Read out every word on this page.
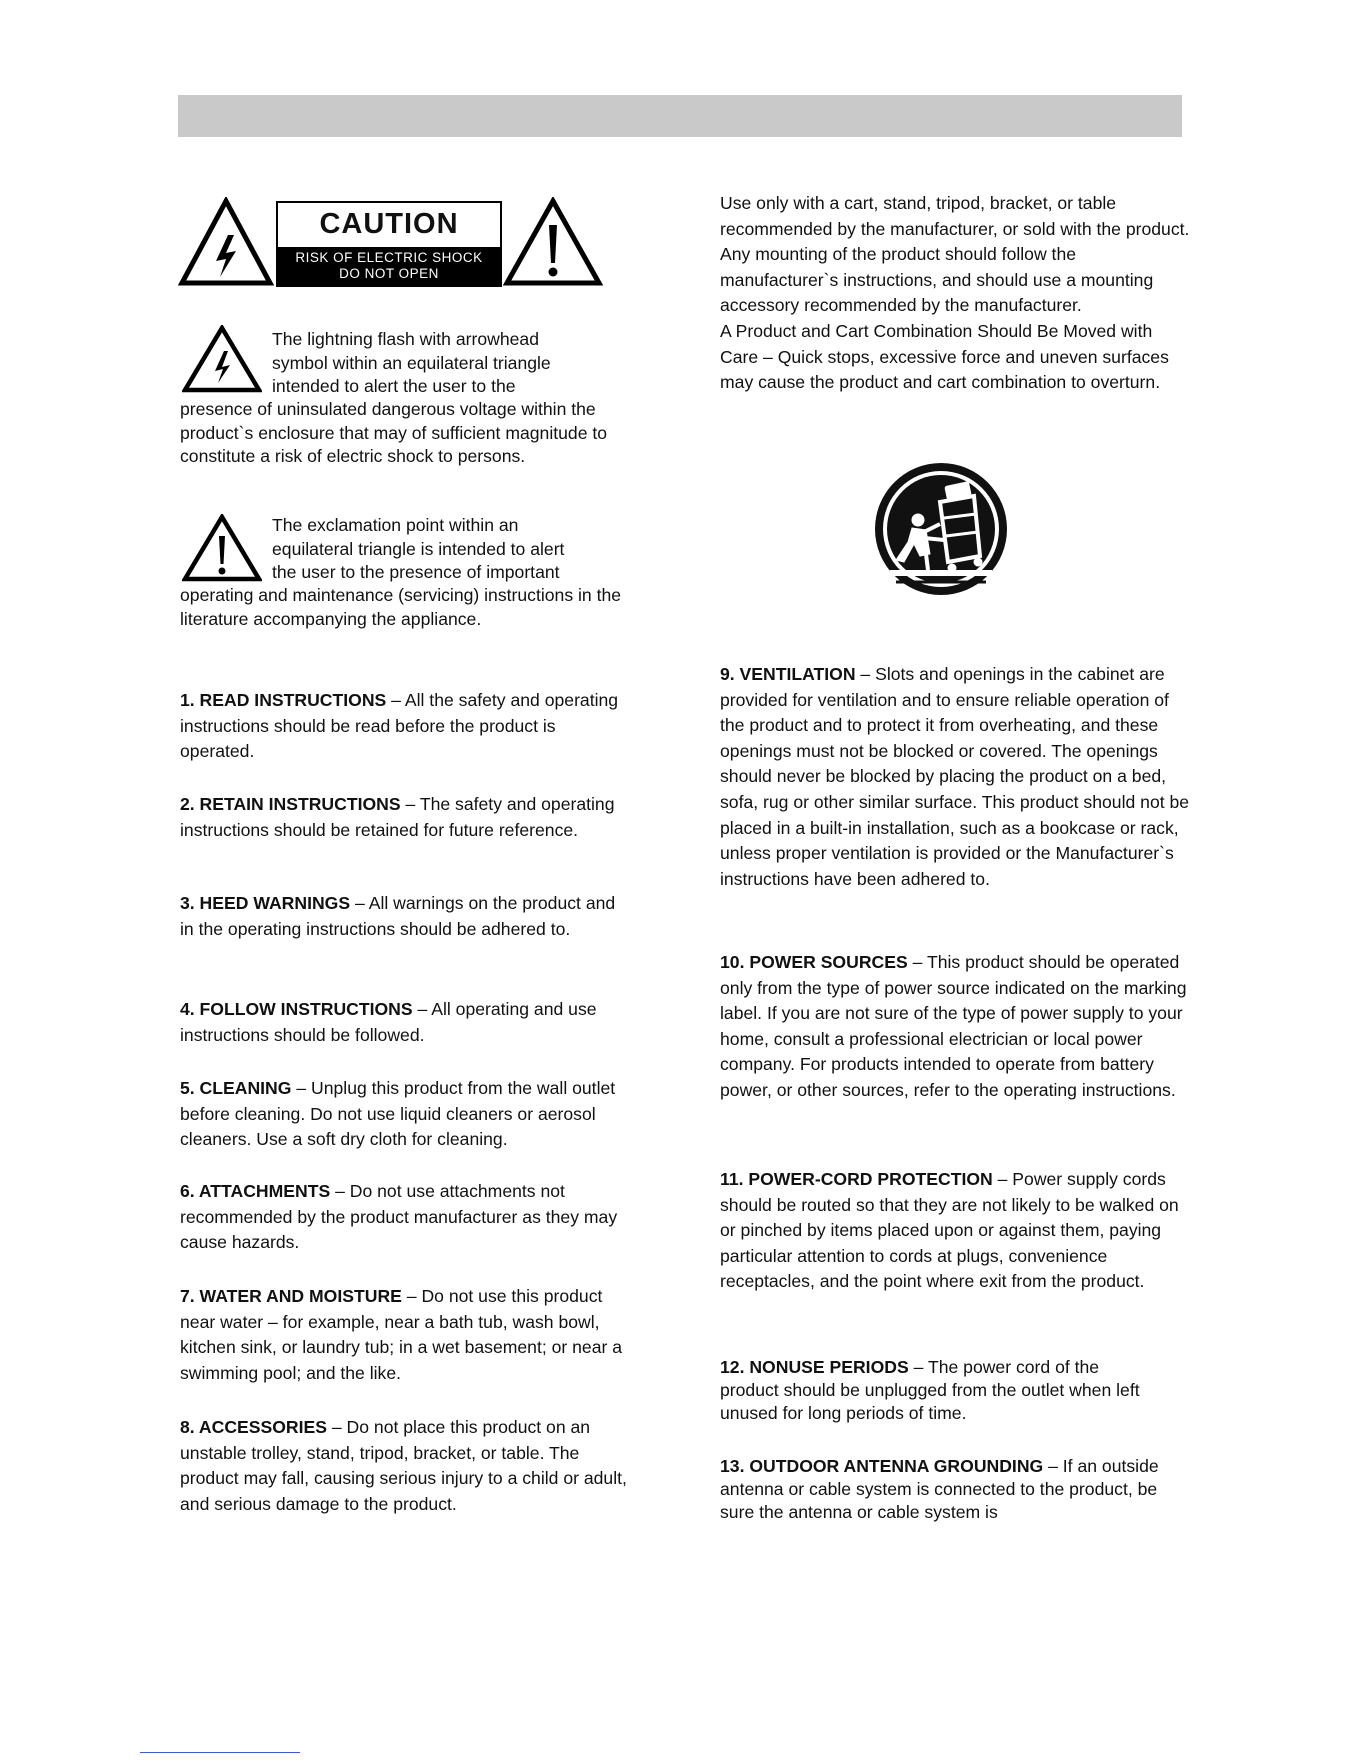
CAUTION
RISK OF ELECTRIC SHOCK
DO NOT OPEN
The lightning flash with arrowhead
symbol within an equilateral triangle
intended to alert the user to the
presence of uninsulated dangerous voltage within the product`s enclosure that may of sufficient magnitude to constitute a risk of electric shock to persons.
The exclamation point within an
equilateral triangle is intended to alert
the user to the presence of important
operating and maintenance (servicing) instructions in the literature accompanying the appliance.

1. READ INSTRUCTIONS – All the safety and operating instructions should be read before the product is operated.

2. RETAIN INSTRUCTIONS – The safety and operating instructions should be retained for future reference.

3. HEED WARNINGS – All warnings on the product and in the operating instructions should be adhered to.

4. FOLLOW INSTRUCTIONS – All operating and use instructions should be followed.

5. CLEANING – Unplug this product from the wall outlet before cleaning. Do not use liquid cleaners or aerosol cleaners. Use a soft dry cloth for cleaning.

6. ATTACHMENTS – Do not use attachments not recommended by the product manufacturer as they may cause hazards.

7. WATER AND MOISTURE – Do not use this product near water – for example, near a bath tub, wash bowl, kitchen sink, or laundry tub; in a wet basement; or near a swimming pool; and the like.

8. ACCESSORIES – Do not place this product on an unstable trolley, stand, tripod, bracket, or table. The product may fall, causing serious injury to a child or adult, and serious damage to the product.

Use only with a cart, stand, tripod, bracket, or table recommended by the manufacturer, or sold with the product. Any mounting of the product should follow the manufacturer`s instructions, and should use a mounting accessory recommended by the manufacturer.

A Product and Cart Combination Should Be Moved with Care – Quick stops, excessive force and uneven surfaces may cause the product and cart combination to overturn.

9. VENTILATION – Slots and openings in the cabinet are provided for ventilation and to ensure reliable operation of the product and to protect it from overheating, and these openings must not be blocked or covered. The openings should never be blocked by placing the product on a bed, sofa, rug or other similar surface. This product should not be placed in a built-in installation, such as a bookcase or rack, unless proper ventilation is provided or the Manufacturer`s instructions have been adhered to.

10. POWER SOURCES – This product should be operated only from the type of power source indicated on the marking label. If you are not sure of the type of power supply to your home, consult a professional electrician or local power company. For products intended to operate from battery power, or other sources, refer to the operating instructions.

11. POWER-CORD PROTECTION – Power supply cords should be routed so that they are not likely to be walked on or pinched by items placed upon or against them, paying particular attention to cords at plugs, convenience receptacles, and the point where exit from the product.

12. NONUSE PERIODS – The power cord of the product should be unplugged from the outlet when left unused for long periods of time.

13. OUTDOOR ANTENNA GROUNDING – If an outside antenna or cable system is connected to the product, be sure the antenna or cable system is
